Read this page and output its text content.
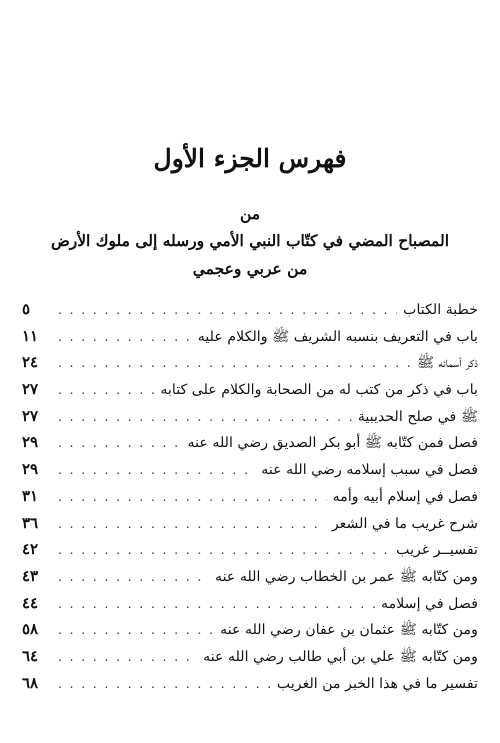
فهرس الجزء الأول

من

المصباح المضي في كتّاب النبي الأمي ورسله إلى ملوك الأرض

من عربي وعجمي

خطبة الكتاب
. . .
٥
باب في التعريف بنسبه الشريف ﷺ والكلام عليه
. . .
١١
ذكر أسمائه ﷺ
. . .
٢٤
باب في ذكر من كتب له من الصحابة والكلام على كتابه
. . .
٢٧
ﷺ في صلح الحديبية
. . .
٢٧
فصل فمن كتّابه ﷺ أبو بكر الصديق رضي الله عنه
. . .
٢٩
فصل في سبب إسلامه رضي الله عنه
. . .
٢٩
فصل في إسلام أبيه وأمه
. . .
٣١
شرح غريب ما في الشعر
. . .
٣٦
تفسيــر غريب
. . .
٤٢
ومن كتّابه ﷺ عمر بن الخطاب رضي الله عنه
. . .
٤٣
فصل في إسلامه
. . .
٤٤
ومن كتّابه ﷺ عثمان بن عفان رضي الله عنه
. . .
٥٨
ومن كتّابه ﷺ علي بن أبي طالب رضي الله عنه
. . .
٦٤
تفسير ما في هذا الخبر من الغريب
. . .
٦٨
